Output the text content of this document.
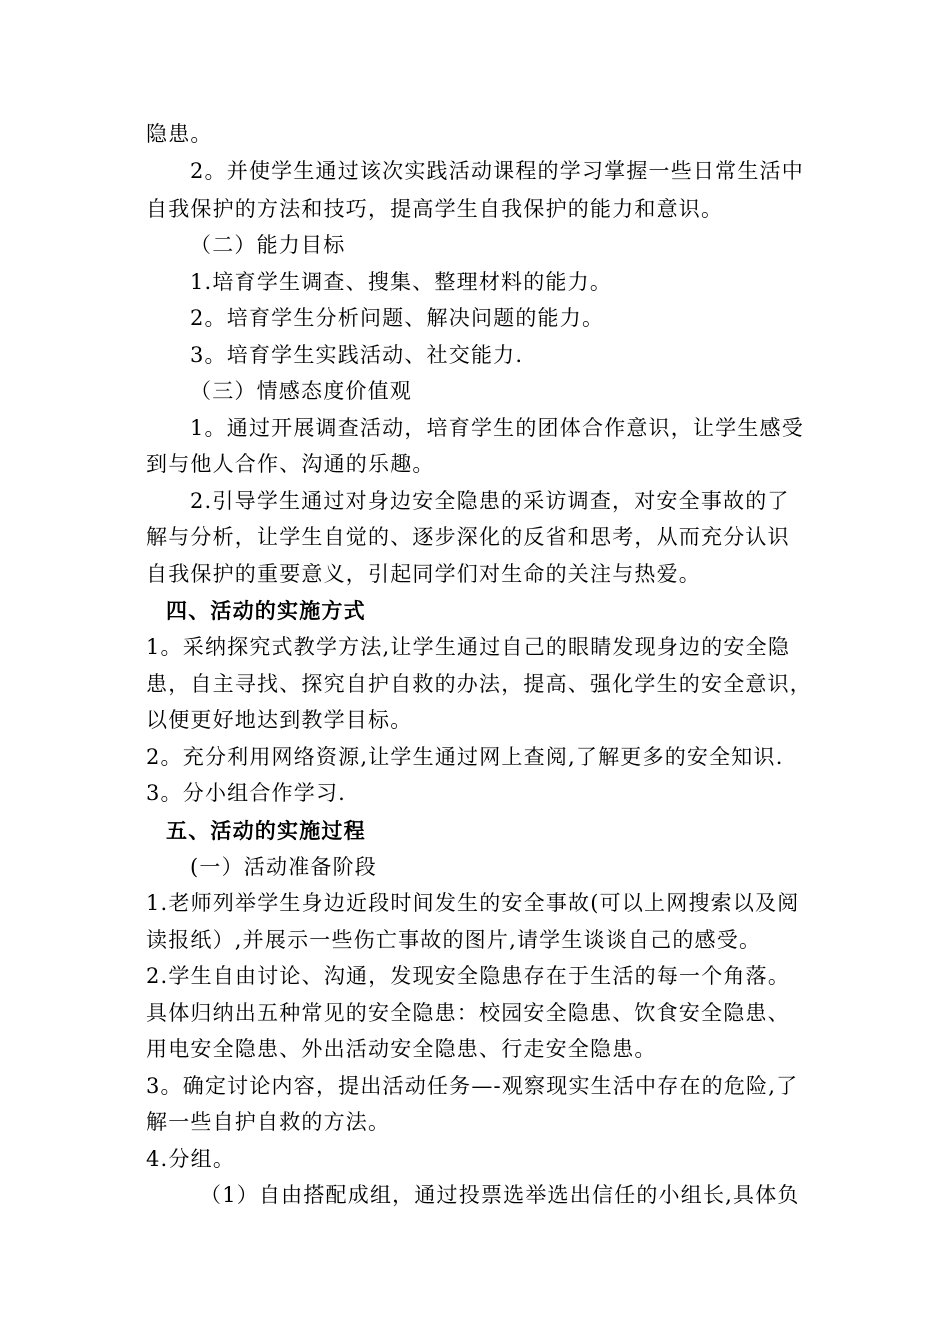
隐患。
2。并使学生通过该次实践活动课程的学习掌握一些日常生活中
自我保护的方法和技巧，提高学生自我保护的能力和意识。
（二）能力目标
1.培育学生调查、搜集、整理材料的能力。
2。培育学生分析问题、解决问题的能力。
3。培育学生实践活动、社交能力.
（三）情感态度价值观
1。通过开展调查活动，培育学生的团体合作意识，让学生感受
到与他人合作、沟通的乐趣。
2.引导学生通过对身边安全隐患的采访调查，对安全事故的了
解与分析，让学生自觉的、逐步深化的反省和思考，从而充分认识
自我保护的重要意义，引起同学们对生命的关注与热爱。
四、活动的实施方式
1。采纳探究式教学方法,让学生通过自己的眼睛发现身边的安全隐
患，自主寻找、探究自护自救的办法，提高、强化学生的安全意识，
以便更好地达到教学目标。
2。充分利用网络资源,让学生通过网上查阅,了解更多的安全知识.
3。分小组合作学习.
五、活动的实施过程
(一）活动准备阶段
1.老师列举学生身边近段时间发生的安全事故(可以上网搜索以及阅
读报纸）,并展示一些伤亡事故的图片,请学生谈谈自己的感受。
2.学生自由讨论、沟通，发现安全隐患存在于生活的每一个角落。
具体归纳出五种常见的安全隐患：校园安全隐患、饮食安全隐患、
用电安全隐患、外出活动安全隐患、行走安全隐患。
3。确定讨论内容，提出活动任务—-观察现实生活中存在的危险,了
解一些自护自救的方法。
4.分组。
（1）自由搭配成组，通过投票选举选出信任的小组长,具体负
